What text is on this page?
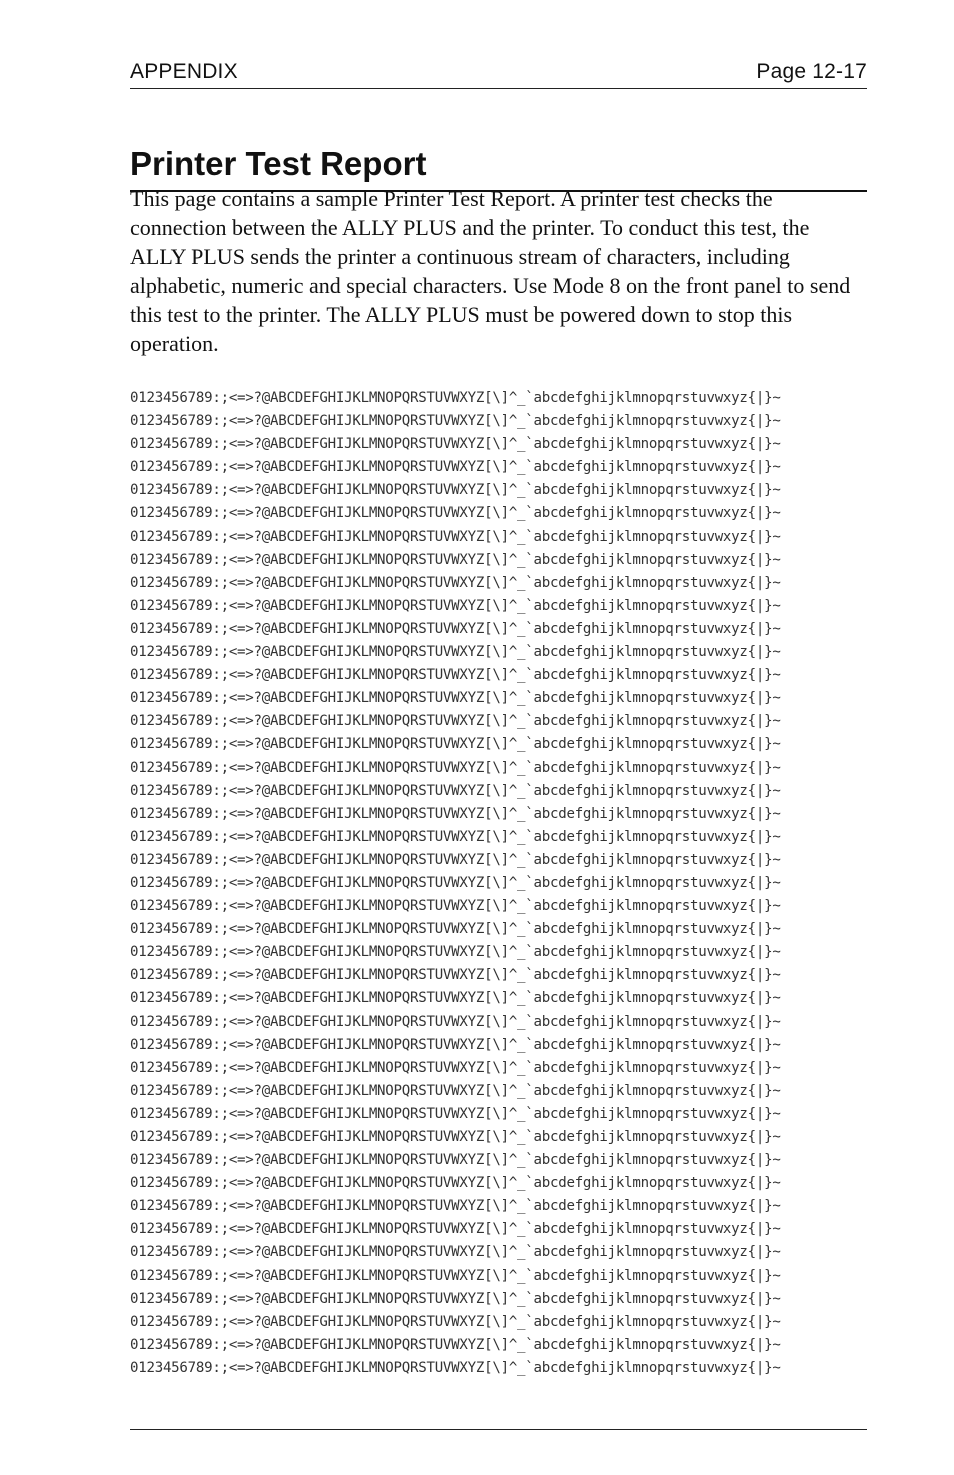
APPENDIX	Page 12-17
Printer Test Report

This page contains a sample Printer Test Report. A printer test checks the connection between the ALLY PLUS and the printer. To conduct this test, the ALLY PLUS sends the printer a continuous stream of characters, including alphabetic, numeric and special characters. Use Mode 8 on the front panel to send this test to the printer. The ALLY PLUS must be powered down to stop this operation.

0123456789:;<=>?@ABCDEFGHIJKLMNOPQRSTUVWXYZ[\]^_`abcdefghijklmnopqrstuvwxyz{|}~
0123456789:;<=>?@ABCDEFGHIJKLMNOPQRSTUVWXYZ[\]^_`abcdefghijklmnopqrstuvwxyz{|}~
0123456789:;<=>?@ABCDEFGHIJKLMNOPQRSTUVWXYZ[\]^_`abcdefghijklmnopqrstuvwxyz{|}~
0123456789:;<=>?@ABCDEFGHIJKLMNOPQRSTUVWXYZ[\]^_`abcdefghijklmnopqrstuvwxyz{|}~
0123456789:;<=>?@ABCDEFGHIJKLMNOPQRSTUVWXYZ[\]^_`abcdefghijklmnopqrstuvwxyz{|}~
0123456789:;<=>?@ABCDEFGHIJKLMNOPQRSTUVWXYZ[\]^_`abcdefghijklmnopqrstuvwxyz{|}~
0123456789:;<=>?@ABCDEFGHIJKLMNOPQRSTUVWXYZ[\]^_`abcdefghijklmnopqrstuvwxyz{|}~
0123456789:;<=>?@ABCDEFGHIJKLMNOPQRSTUVWXYZ[\]^_`abcdefghijklmnopqrstuvwxyz{|}~
0123456789:;<=>?@ABCDEFGHIJKLMNOPQRSTUVWXYZ[\]^_`abcdefghijklmnopqrstuvwxyz{|}~
0123456789:;<=>?@ABCDEFGHIJKLMNOPQRSTUVWXYZ[\]^_`abcdefghijklmnopqrstuvwxyz{|}~
0123456789:;<=>?@ABCDEFGHIJKLMNOPQRSTUVWXYZ[\]^_`abcdefghijklmnopqrstuvwxyz{|}~
0123456789:;<=>?@ABCDEFGHIJKLMNOPQRSTUVWXYZ[\]^_`abcdefghijklmnopqrstuvwxyz{|}~
0123456789:;<=>?@ABCDEFGHIJKLMNOPQRSTUVWXYZ[\]^_`abcdefghijklmnopqrstuvwxyz{|}~
0123456789:;<=>?@ABCDEFGHIJKLMNOPQRSTUVWXYZ[\]^_`abcdefghijklmnopqrstuvwxyz{|}~
0123456789:;<=>?@ABCDEFGHIJKLMNOPQRSTUVWXYZ[\]^_`abcdefghijklmnopqrstuvwxyz{|}~
0123456789:;<=>?@ABCDEFGHIJKLMNOPQRSTUVWXYZ[\]^_`abcdefghijklmnopqrstuvwxyz{|}~
0123456789:;<=>?@ABCDEFGHIJKLMNOPQRSTUVWXYZ[\]^_`abcdefghijklmnopqrstuvwxyz{|}~
0123456789:;<=>?@ABCDEFGHIJKLMNOPQRSTUVWXYZ[\]^_`abcdefghijklmnopqrstuvwxyz{|}~
0123456789:;<=>?@ABCDEFGHIJKLMNOPQRSTUVWXYZ[\]^_`abcdefghijklmnopqrstuvwxyz{|}~
0123456789:;<=>?@ABCDEFGHIJKLMNOPQRSTUVWXYZ[\]^_`abcdefghijklmnopqrstuvwxyz{|}~
0123456789:;<=>?@ABCDEFGHIJKLMNOPQRSTUVWXYZ[\]^_`abcdefghijklmnopqrstuvwxyz{|}~
0123456789:;<=>?@ABCDEFGHIJKLMNOPQRSTUVWXYZ[\]^_`abcdefghijklmnopqrstuvwxyz{|}~
0123456789:;<=>?@ABCDEFGHIJKLMNOPQRSTUVWXYZ[\]^_`abcdefghijklmnopqrstuvwxyz{|}~
0123456789:;<=>?@ABCDEFGHIJKLMNOPQRSTUVWXYZ[\]^_`abcdefghijklmnopqrstuvwxyz{|}~
0123456789:;<=>?@ABCDEFGHIJKLMNOPQRSTUVWXYZ[\]^_`abcdefghijklmnopqrstuvwxyz{|}~
0123456789:;<=>?@ABCDEFGHIJKLMNOPQRSTUVWXYZ[\]^_`abcdefghijklmnopqrstuvwxyz{|}~
0123456789:;<=>?@ABCDEFGHIJKLMNOPQRSTUVWXYZ[\]^_`abcdefghijklmnopqrstuvwxyz{|}~
0123456789:;<=>?@ABCDEFGHIJKLMNOPQRSTUVWXYZ[\]^_`abcdefghijklmnopqrstuvwxyz{|}~
0123456789:;<=>?@ABCDEFGHIJKLMNOPQRSTUVWXYZ[\]^_`abcdefghijklmnopqrstuvwxyz{|}~
0123456789:;<=>?@ABCDEFGHIJKLMNOPQRSTUVWXYZ[\]^_`abcdefghijklmnopqrstuvwxyz{|}~
0123456789:;<=>?@ABCDEFGHIJKLMNOPQRSTUVWXYZ[\]^_`abcdefghijklmnopqrstuvwxyz{|}~
0123456789:;<=>?@ABCDEFGHIJKLMNOPQRSTUVWXYZ[\]^_`abcdefghijklmnopqrstuvwxyz{|}~
0123456789:;<=>?@ABCDEFGHIJKLMNOPQRSTUVWXYZ[\]^_`abcdefghijklmnopqrstuvwxyz{|}~
0123456789:;<=>?@ABCDEFGHIJKLMNOPQRSTUVWXYZ[\]^_`abcdefghijklmnopqrstuvwxyz{|}~
0123456789:;<=>?@ABCDEFGHIJKLMNOPQRSTUVWXYZ[\]^_`abcdefghijklmnopqrstuvwxyz{|}~
0123456789:;<=>?@ABCDEFGHIJKLMNOPQRSTUVWXYZ[\]^_`abcdefghijklmnopqrstuvwxyz{|}~
0123456789:;<=>?@ABCDEFGHIJKLMNOPQRSTUVWXYZ[\]^_`abcdefghijklmnopqrstuvwxyz{|}~
0123456789:;<=>?@ABCDEFGHIJKLMNOPQRSTUVWXYZ[\]^_`abcdefghijklmnopqrstuvwxyz{|}~
0123456789:;<=>?@ABCDEFGHIJKLMNOPQRSTUVWXYZ[\]^_`abcdefghijklmnopqrstuvwxyz{|}~
0123456789:;<=>?@ABCDEFGHIJKLMNOPQRSTUVWXYZ[\]^_`abcdefghijklmnopqrstuvwxyz{|}~
0123456789:;<=>?@ABCDEFGHIJKLMNOPQRSTUVWXYZ[\]^_`abcdefghijklmnopqrstuvwxyz{|}~
0123456789:;<=>?@ABCDEFGHIJKLMNOPQRSTUVWXYZ[\]^_`abcdefghijklmnopqrstuvwxyz{|}~
0123456789:;<=>?@ABCDEFGHIJKLMNOPQRSTUVWXYZ[\]^_`abcdefghijklmnopqrstuvwxyz{|}~
